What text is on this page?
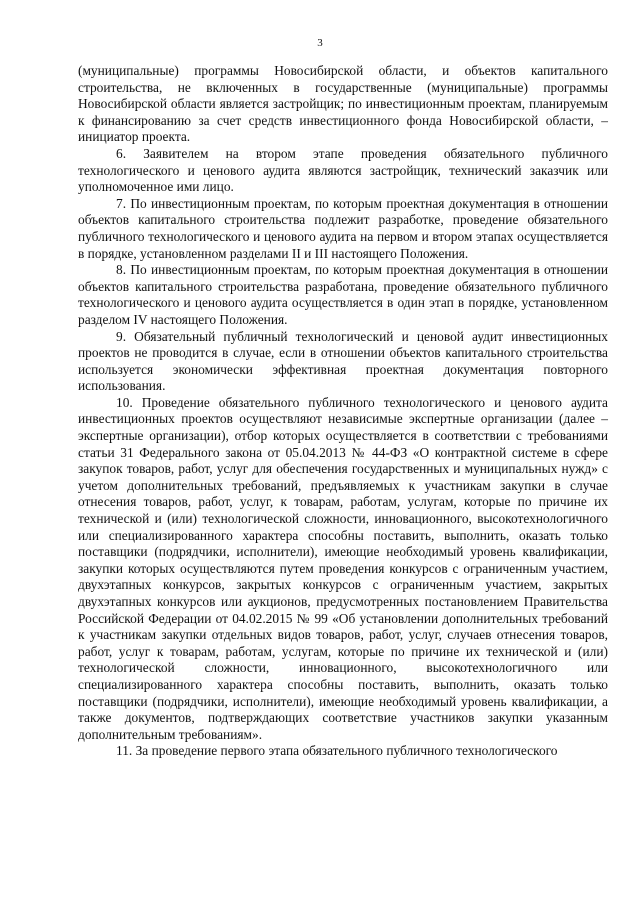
3

(муниципальные) программы Новосибирской области, и объектов капитального строительства, не включенных в государственные (муниципальные) программы Новосибирской области является застройщик; по инвестиционным проектам, планируемым к финансированию за счет средств инвестиционного фонда Новосибирской области, – инициатор проекта.

6. Заявителем на втором этапе проведения обязательного публичного технологического и ценового аудита являются застройщик, технический заказчик или уполномоченное ими лицо.

7. По инвестиционным проектам, по которым проектная документация в отношении объектов капитального строительства подлежит разработке, проведение обязательного публичного технологического и ценового аудита на первом и втором этапах осуществляется в порядке, установленном разделами II и III настоящего Положения.

8. По инвестиционным проектам, по которым проектная документация в отношении объектов капитального строительства разработана, проведение обязательного публичного технологического и ценового аудита осуществляется в один этап в порядке, установленном разделом IV настоящего Положения.

9. Обязательный публичный технологический и ценовой аудит инвестиционных проектов не проводится в случае, если в отношении объектов капитального строительства используется экономически эффективная проектная документация повторного использования.

10. Проведение обязательного публичного технологического и ценового аудита инвестиционных проектов осуществляют независимые экспертные организации (далее – экспертные организации), отбор которых осуществляется в соответствии с требованиями статьи 31 Федерального закона от 05.04.2013 № 44-ФЗ «О контрактной системе в сфере закупок товаров, работ, услуг для обеспечения государственных и муниципальных нужд» с учетом дополнительных требований, предъявляемых к участникам закупки в случае отнесения товаров, работ, услуг, к товарам, работам, услугам, которые по причине их технической и (или) технологической сложности, инновационного, высокотехнологичного или специализированного характера способны поставить, выполнить, оказать только поставщики (подрядчики, исполнители), имеющие необходимый уровень квалификации, закупки которых осуществляются путем проведения конкурсов с ограниченным участием, двухэтапных конкурсов, закрытых конкурсов с ограниченным участием, закрытых двухэтапных конкурсов или аукционов, предусмотренных постановлением Правительства Российской Федерации от 04.02.2015 № 99 «Об установлении дополнительных требований к участникам закупки отдельных видов товаров, работ, услуг, случаев отнесения товаров, работ, услуг к товарам, работам, услугам, которые по причине их технической и (или) технологической сложности, инновационного, высокотехнологичного или специализированного характера способны поставить, выполнить, оказать только поставщики (подрядчики, исполнители), имеющие необходимый уровень квалификации, а также документов, подтверждающих соответствие участников закупки указанным дополнительным требованиям».

11. За проведение первого этапа обязательного публичного технологического
